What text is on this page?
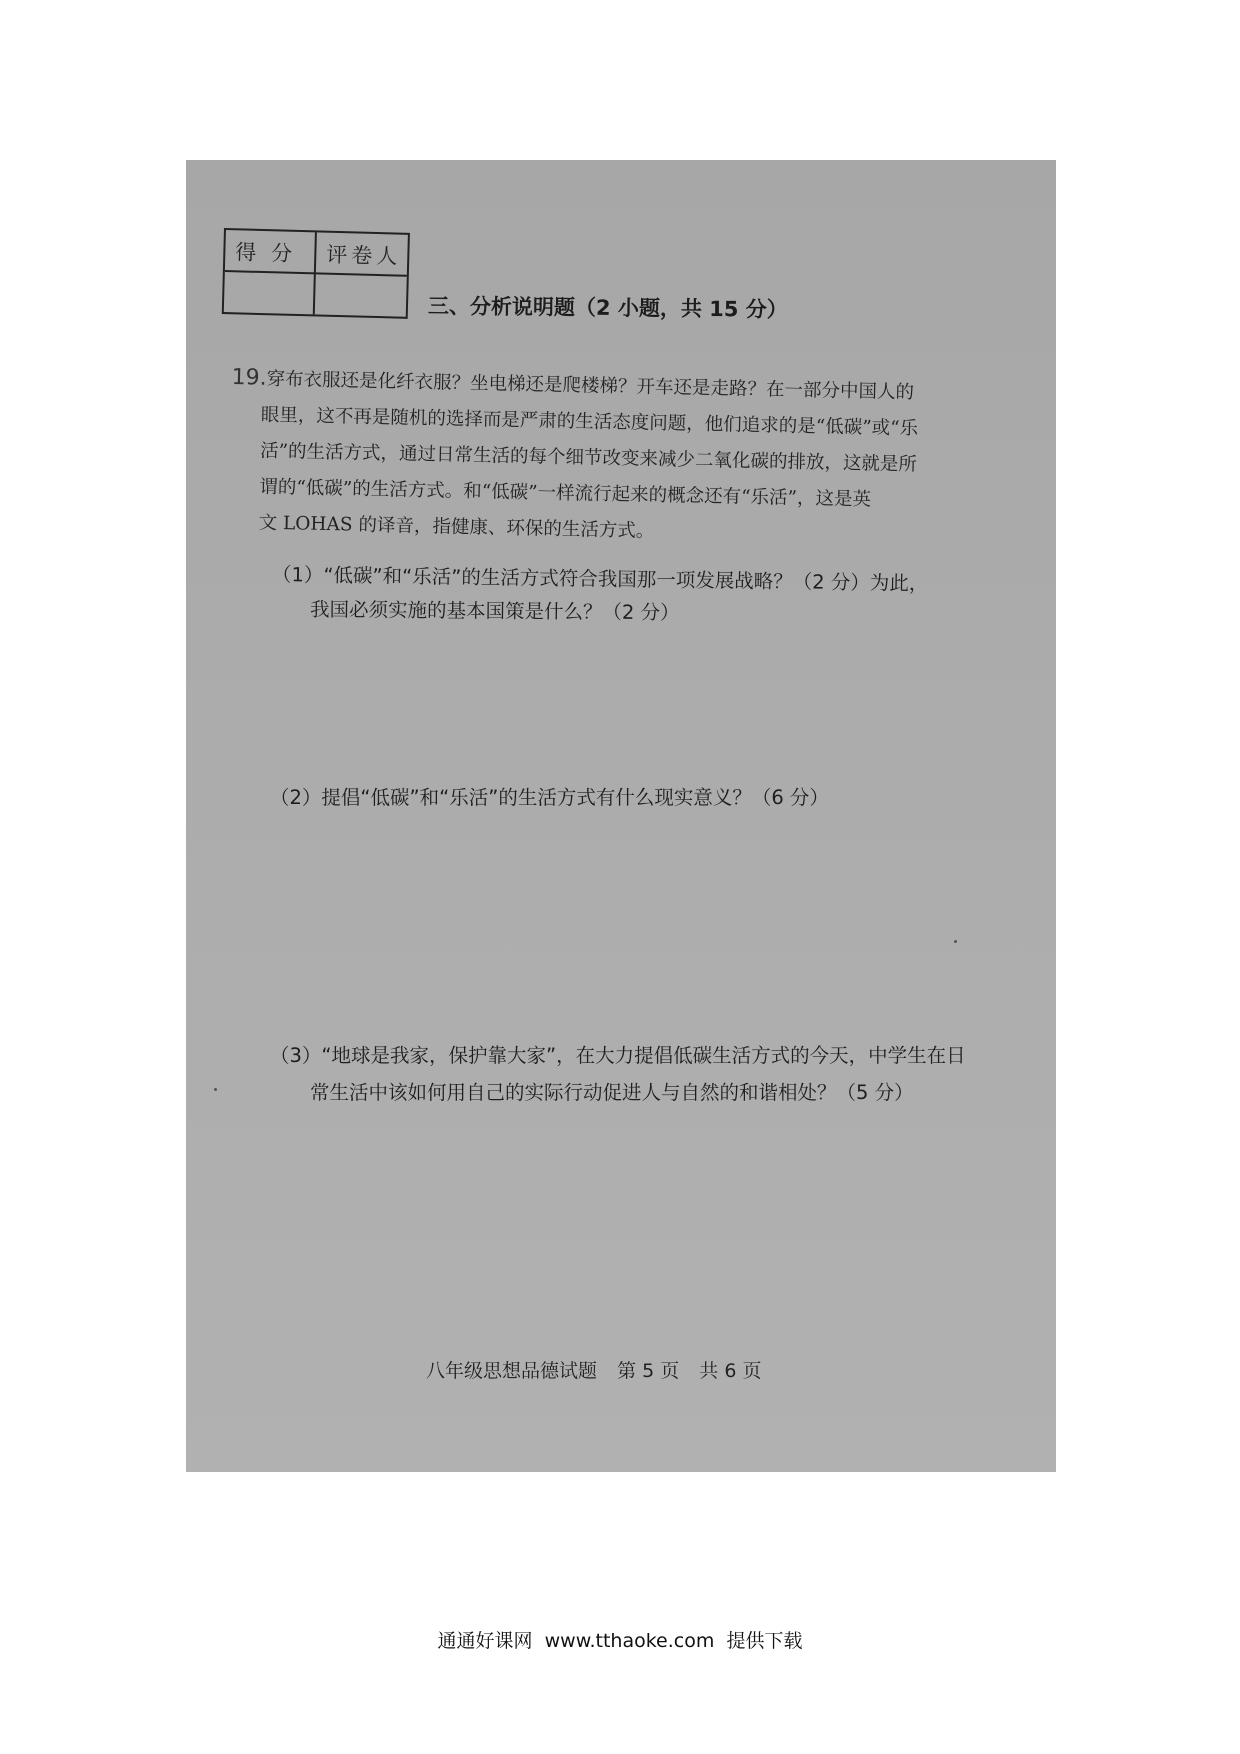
得 分	评卷人
三、分析说明题（2 小题，共 15 分）

19.穿布衣服还是化纤衣服？坐电梯还是爬楼梯？开车还是走路？在一部分中国人的

眼里，这不再是随机的选择而是严肃的生活态度问题，他们追求的是“低碳”或“乐

活”的生活方式，通过日常生活的每个细节改变来减少二氧化碳的排放，这就是所

谓的“低碳”的生活方式。和“低碳”一样流行起来的概念还有“乐活”，这是英

文 LOHAS 的译音，指健康、环保的生活方式。

（1）“低碳”和“乐活”的生活方式符合我国那一项发展战略？（2 分）为此，
我国必须实施的基本国策是什么？（2 分）
（2）提倡“低碳”和“乐活”的生活方式有什么现实意义？（6 分）
（3）“地球是我家，保护靠大家”，在大力提倡低碳生活方式的今天，中学生在日
常生活中该如何用自己的实际行动促进人与自然的和谐相处？（5 分）
八年级思想品德试题 第 5 页 共 6 页
通通好课网  www.tthaoke.com  提供下载
